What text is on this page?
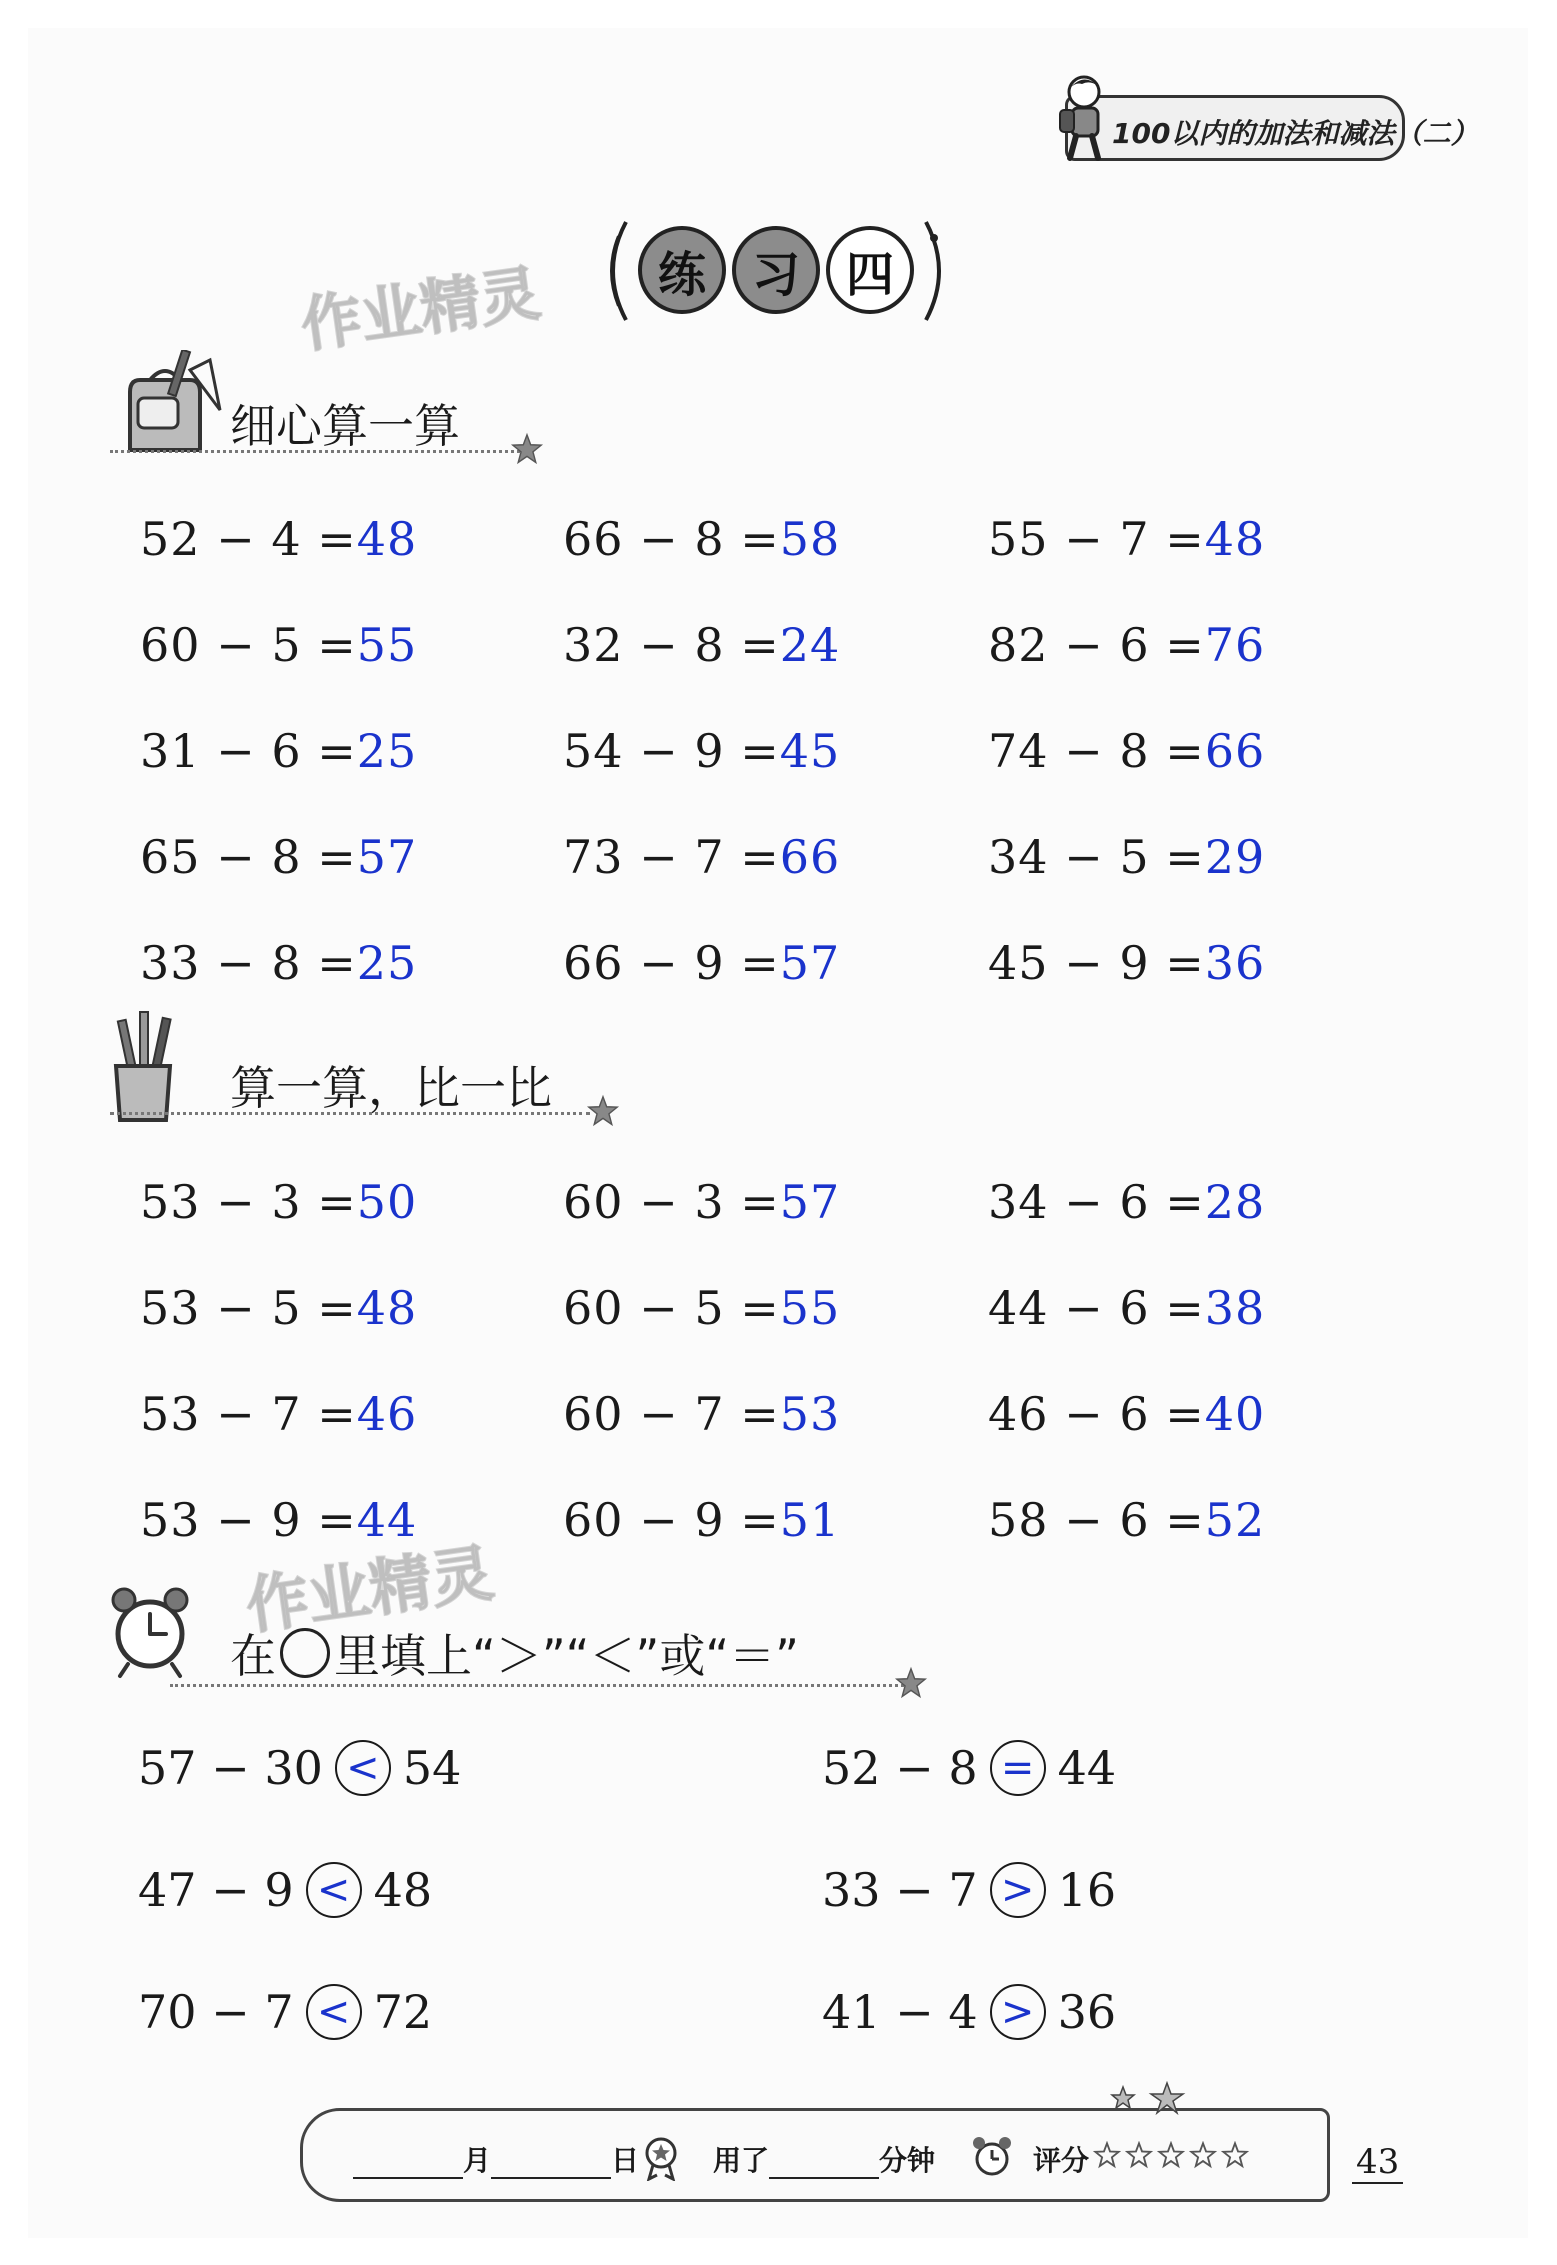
100以内的加法和减法（二）
练 习 四
作业精灵
作业精灵
细心算一算
52 − 4 =48	66 − 8 =58	55 − 7 =48
60 − 5 =55	32 − 8 =24	82 − 6 =76
31 − 6 =25	54 − 9 =45	74 − 8 =66
65 − 8 =57	73 − 7 =66	34 − 5 =29
33 − 8 =25	66 − 9 =57	45 − 9 =36
算一算，比一比
53 − 3 =50	60 − 3 =57	34 − 6 =28
53 − 5 =48	60 − 5 =55	44 − 6 =38
53 − 7 =46	60 − 7 =53	46 − 6 =40
53 − 9 =44	60 − 9 =51	58 − 6 =52
在 里填上“＞”“＜”或“＝”
57 − 30 < 54	52 − 8 = 44
47 − 9 < 48	33 − 7 > 16
70 − 7 < 72	41 − 4 > 36
月	日	用了	分钟	评分	43
